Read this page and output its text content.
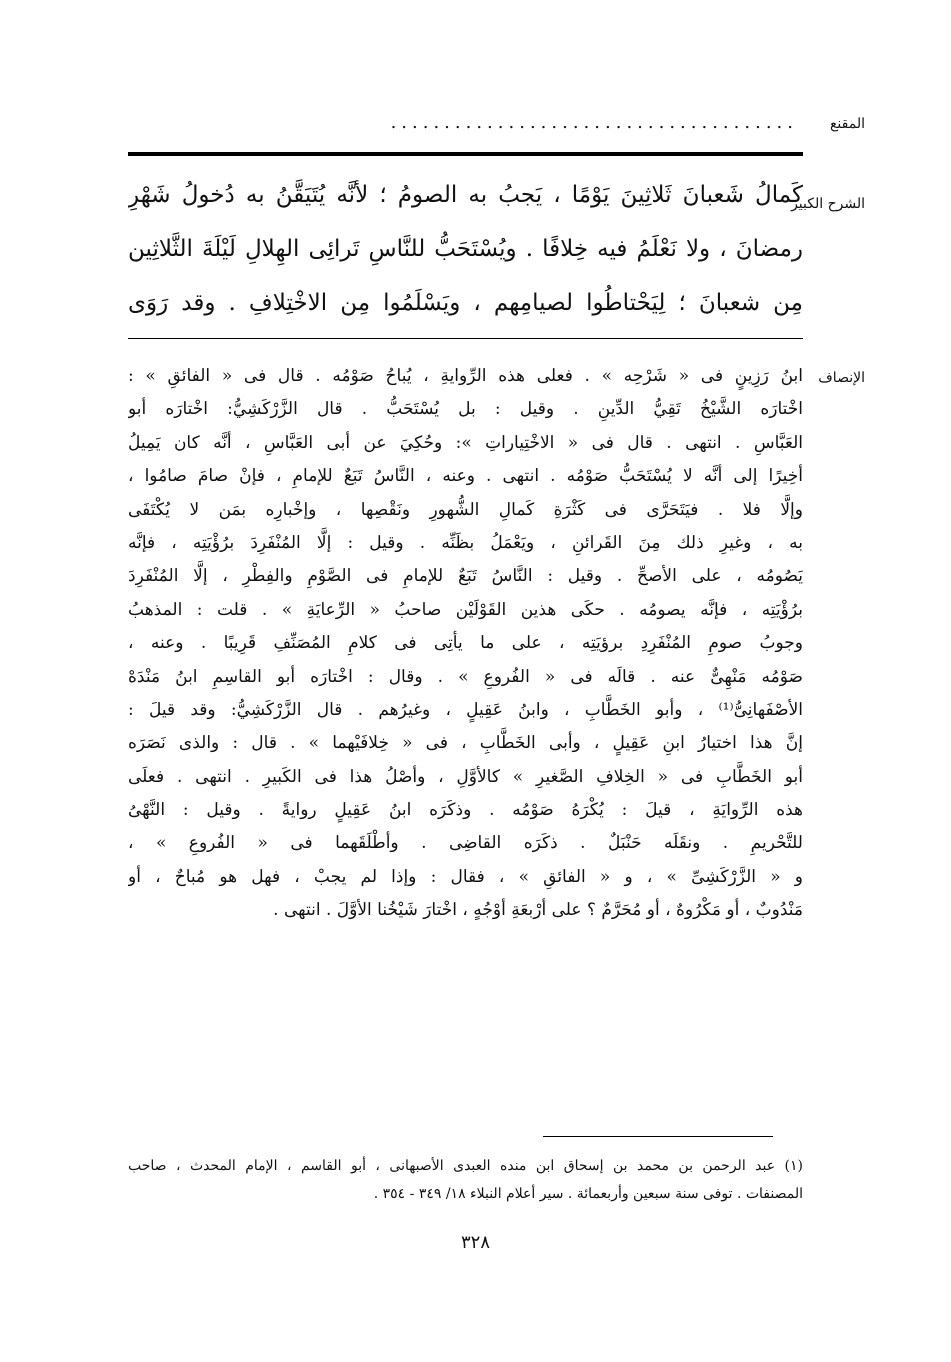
المقنع
......................................
الشرح الكبير
كَمالُ شَعبانَ ثَلاثِينَ يَوْمًا ، يَجبُ به الصومُ ؛ لأنَّه يُتَيَقَّنُ به دُخولُ شَهْرِ
رمضانَ ، ولا نَعْلَمُ فيه خِلافًا . ويُسْتَحَبُّ للنَّاسِ تَرائِى الهِلالِ لَيْلَةَ الثَّلاثِين
مِن شعبانَ ؛ لِيَحْتاطُوا لصيامِهم ، ويَسْلَمُوا مِن الاخْتِلافِ . وقد رَوَى
الإنصاف
ابنُ رَزِينٍ فى « شَرْحِه » . فعلى هذه الرِّوايةِ ، يُباحُ صَوْمُه . قال فى « الفائقِ » :
اخْتارَه الشَّيْخُ تَقِيُّ الدِّينِ . وقيل : بل يُسْتَحَبُّ . قال الزَّرْكَشِيُّ: اخْتارَه أبو
العَبَّاسِ . انتهى . قال فى « الاخْتِياراتِ »: وحُكِيَ عن أبى العَبَّاسِ ، أنَّه كان يَمِيلُ
أخِيرًا إلى أنَّه لا يُسْتَحَبُّ صَوْمُه . انتهى . وعنه ، النَّاسُ تَبَعٌ للإمامِ ، فإنْ صامَ صامُوا ،
وإلَّا فلا . فيَتَحَرَّى فى كَثْرَةِ كَمالِ الشُّهورِ ونَقْصِها ، وإخْبارِه بمَن لا يُكْتَفَى
به ، وغيرِ ذلك مِنَ القَرائنِ ، ويَعْمَلُ بظَنِّه . وقيل : إلَّا المُنْفَرِدَ برُؤْيَتِه ، فإنَّه
يَصُومُه ، على الأصحِّ . وقيل : النَّاسُ تَبَعٌ للإمامِ فى الصَّوْمِ والفِطْرِ ، إلَّا المُنْفَرِدَ
برُؤْيَتِه ، فإنَّه يصومُه . حكَى هذين القَوْلَيْن صاحبُ « الرِّعايَةِ » . قلت : المذهبُ
وجوبُ صومِ المُنْفَرِدِ برؤيَتِه ، على ما يأتِى فى كلامِ المُصَنِّفِ قَرِيبًا . وعنه ،
صَوْمُه مَنْهِىٌّ عنه . قالَه فى « الفُروعِ » . وقال : اخْتارَه أبو القاسِمِ ابنُ مَنْدَهْ
الأصْفَهانِىُّ⁽¹⁾ ، وأبو الخَطَّابِ ، وابنُ عَقِيلٍ ، وغيرُهم . قال الزَّرْكَشِيُّ: وقد قيلَ :
إنَّ هذا اختيارُ ابنِ عَقِيلٍ ، وأبى الخَطَّابِ ، فى « خِلافَيْهما » . قال : والذى نَصَرَه
أبو الخَطَّابِ فى « الخِلافِ الصَّغيرِ » كالأوَّلِ ، وأصْلُ هذا فى الكَبيرِ . انتهى . فعلَى
هذه الرِّوايَةِ ، قيلَ : يُكْرَهُ صَوْمُه . وذكَرَه ابنُ عَقِيلٍ روايةً . وقيل : النَّهْىُ
للتَّحْريمِ . ونقَلَه حَنْبَلٌ . ذكَرَه القاضِى . وأطْلَقَهما فى « الفُروعِ » ،
و « الزَّرْكَشِىِّ » ، و « الفائقِ » ، فقال : وإذا لم يجبْ ، فهل هو مُباحٌ ، أو
مَنْدُوبٌ ، أو مَكْرُوهٌ ، أو مُحَرَّمٌ ؟ على أرْبعَةِ أوْجُهٍ ، اخْتارَ شَيْخُنا الأوَّلَ . انتهى .
(١) عبد الرحمن بن محمد بن إسحاق ابن منده العبدى الأصبهانى ، أبو القاسم ، الإمام المحدث ، صاحب
المصنفات . توفى سنة سبعين وأربعمائة . سير أعلام النبلاء ١٨/ ٣٤٩ - ٣٥٤ .
٣٢٨
